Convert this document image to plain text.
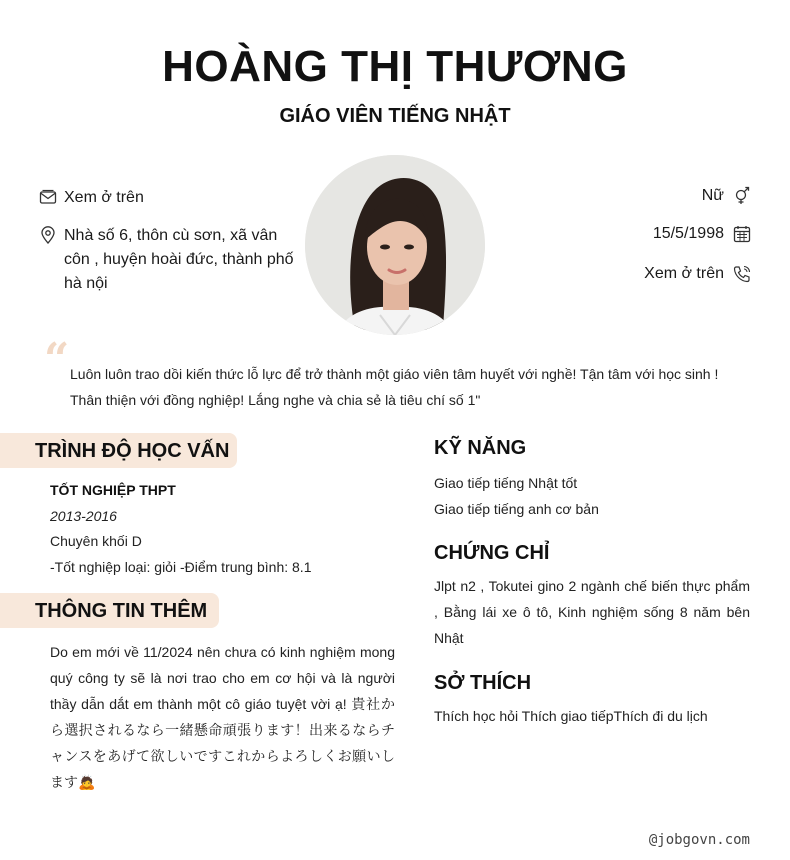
HOÀNG THỊ THƯƠNG
GIÁO VIÊN TIẾNG NHẬT
Xem ở trên
Nhà số 6, thôn cù sơn, xã vân côn , huyện hoài đức, thành phố hà nội
Nữ
15/5/1998
Xem ở trên
“ Luôn luôn trao dồi kiến thức lỗ lực để trở thành một giáo viên tâm huyết với nghề! Tận tâm với học sinh ! Thân thiện với đồng nghiệp! Lắng nghe và chia sẻ là tiêu chí số 1"
TRÌNH ĐỘ HỌC VẤN
TỐT NGHIỆP THPT
2013-2016
Chuyên khối D
-Tốt nghiệp loại: giỏi -Điểm trung bình: 8.1
THÔNG TIN THÊM
Do em mới về 11/2024 nên chưa có kinh nghiệm mong quý công ty sẽ là nơi trao cho em cơ hội và là người thầy dẫn dắt em thành một cô giáo tuyệt vời ạ! 貴社から選択されるなら一緒懸命頑張ります！出来るならチャンスをあげて欲しいですこれからよろしくお願いします🙇
KỸ NĂNG
Giao tiếp tiếng Nhật tốt
Giao tiếp tiếng anh cơ bản
CHỨNG CHỈ
Jlpt n2 , Tokutei gino 2 ngành chế biến thực phẩm , Bằng lái xe ô tô, Kinh nghiệm sống 8 năm bên Nhật
SỞ THÍCH
Thích học hỏi Thích giao tiếpThích đi du lịch
@jobgovn.com
